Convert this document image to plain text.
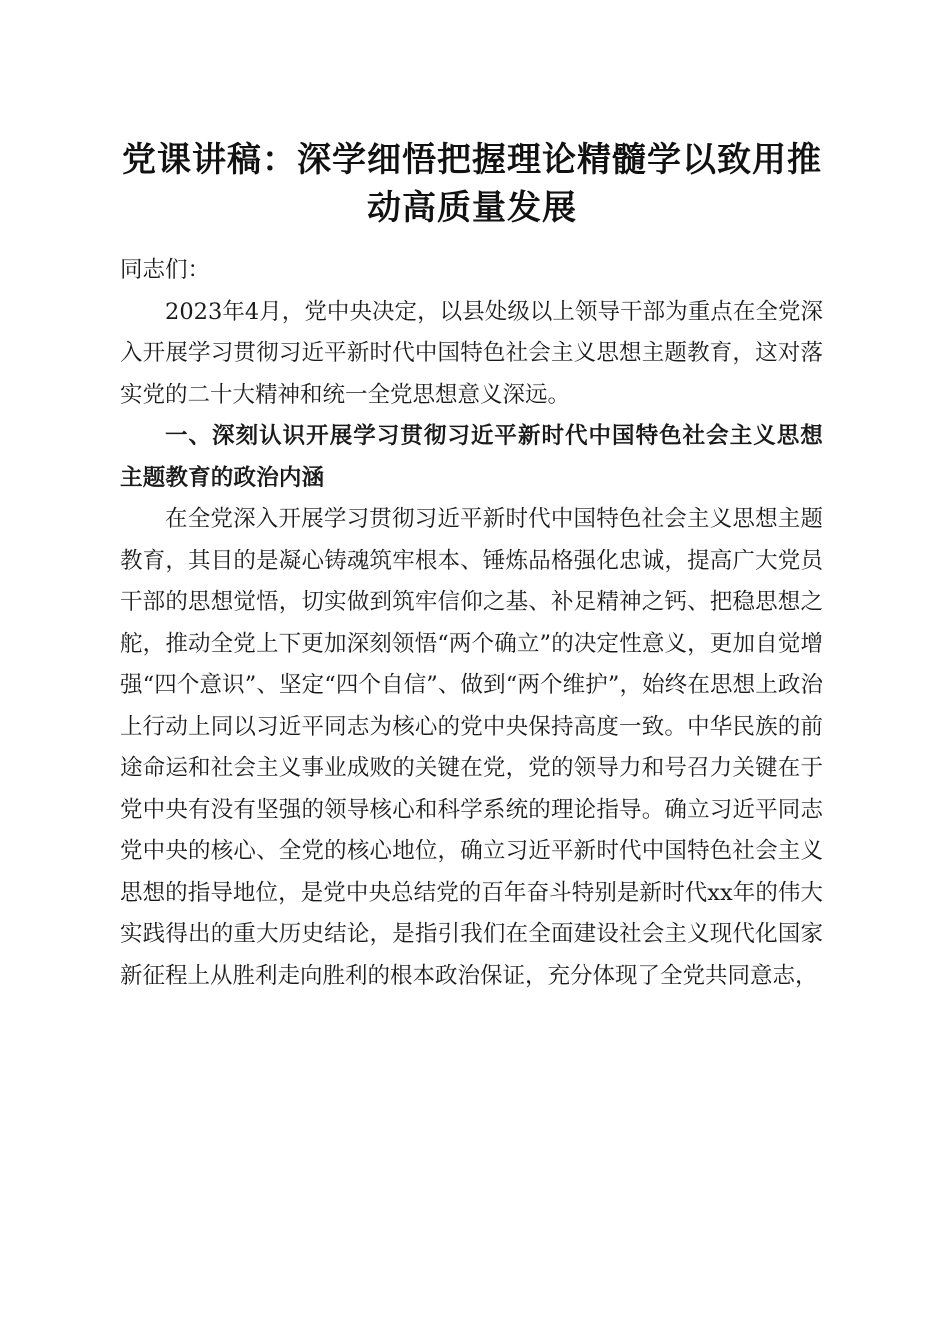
党课讲稿：深学细悟把握理论精髓学以致用推动高质量发展

同志们：

2023年4月，党中央决定，以县处级以上领导干部为重点在全党深入开展学习贯彻习近平新时代中国特色社会主义思想主题教育，这对落实党的二十大精神和统一全党思想意义深远。

一、深刻认识开展学习贯彻习近平新时代中国特色社会主义思想主题教育的政治内涵

在全党深入开展学习贯彻习近平新时代中国特色社会主义思想主题教育，其目的是凝心铸魂筑牢根本、锤炼品格强化忠诚，提高广大党员干部的思想觉悟，切实做到筑牢信仰之基、补足精神之钙、把稳思想之舵，推动全党上下更加深刻领悟“两个确立”的决定性意义，更加自觉增强“四个意识”、坚定“四个自信”、做到“两个维护”，始终在思想上政治上行动上同以习近平同志为核心的党中央保持高度一致。中华民族的前途命运和社会主义事业成败的关键在党，党的领导力和号召力关键在于党中央有没有坚强的领导核心和科学系统的理论指导。确立习近平同志党中央的核心、全党的核心地位，确立习近平新时代中国特色社会主义思想的指导地位，是党中央总结党的百年奋斗特别是新时代xx年的伟大实践得出的重大历史结论，是指引我们在全面建设社会主义现代化国家新征程上从胜利走向胜利的根本政治保证，充分体现了全党共同意志，
